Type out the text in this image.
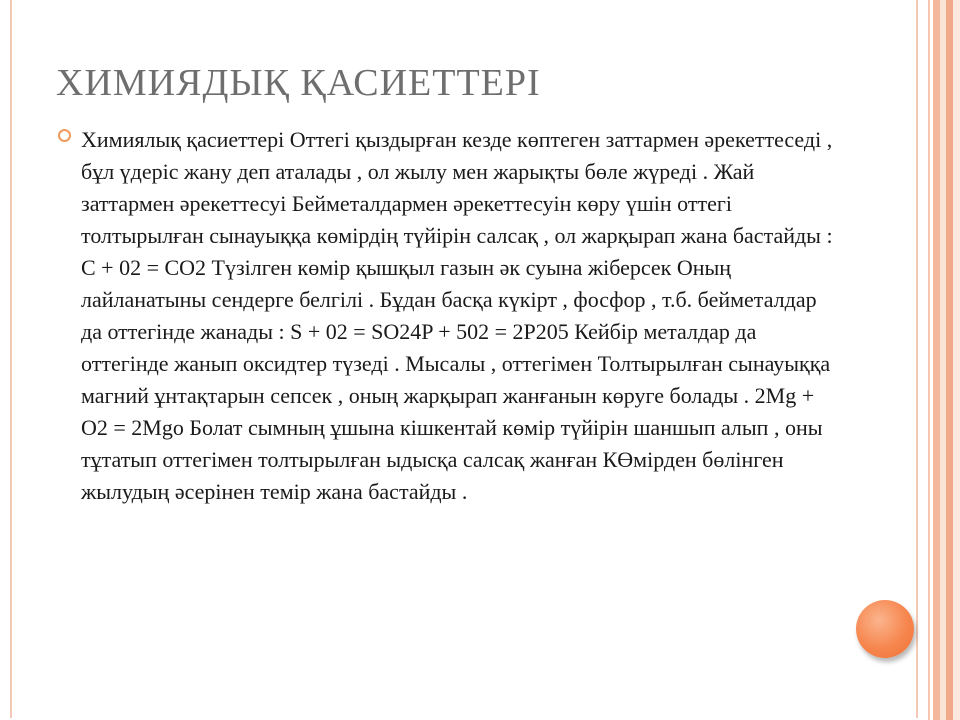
ХИМИЯДЫҚ ҚАСИЕТТЕРІ

Химиялық қасиеттері Оттегі қыздырған кезде көптеген заттармен әрекеттеседі , бұл үдеріс жану деп аталады , ол жылу мен жарықты бөле жүреді . Жай заттармен әрекеттесуі Бейметалдармен әрекеттесуін көру үшін оттегі толтырылған сынауыққа көмірдің түйірін салсақ , ол жарқырап жана бастайды : C + 02 = CO2 Түзілген көмір қышқыл газын әк суына жіберсек Оның лайланатыны сендерге белгілі . Бұдан басқа күкірт , фосфор , т.б. бейметалдар да оттегінде жанады : S + 02 = SO24P + 502 = 2P205 Кейбір металдар да оттегінде жанып оксидтер түзеді . Мысалы , оттегімен Толтырылған сынауыққа магний ұнтақтарын сепсек , оның жарқырап жанғанын көруге болады . 2Mg + O2 = 2Mgo Болат сымның ұшына кішкентай көмір түйірін шаншып алып , оны тұтатып оттегімен толтырылған ыдысқа салсақ жанған КӨмірден бөлінген жылудың әсерінен темір жана бастайды .
